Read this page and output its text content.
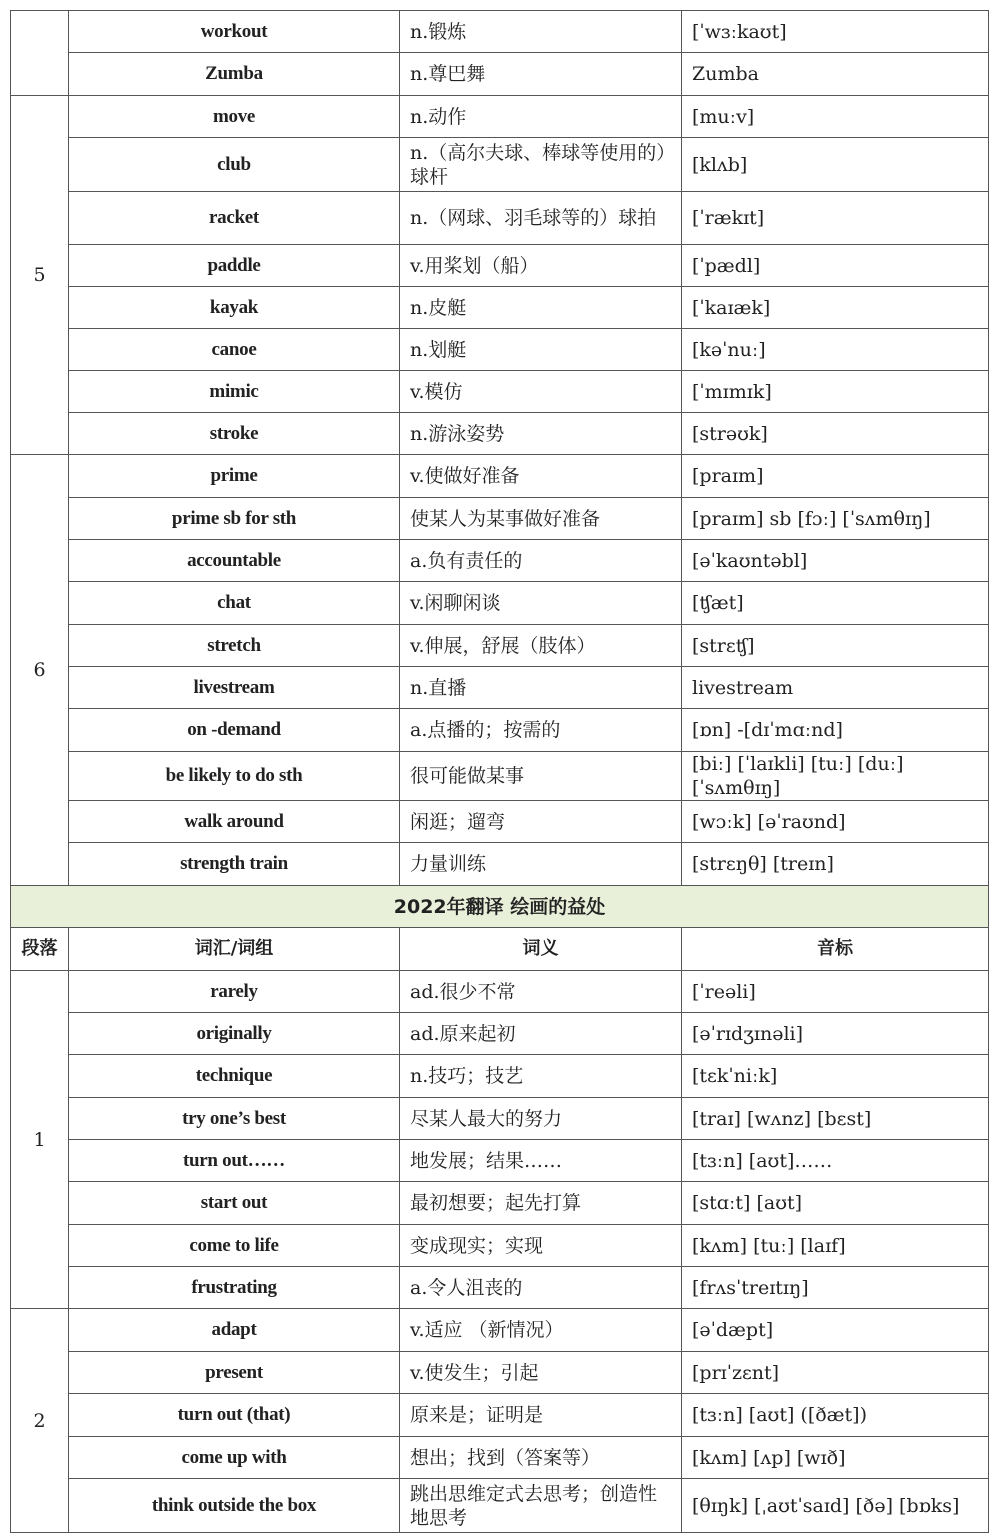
	workout	n.锻炼	[ˈwɜːkaʊt]
	Zumba	n.尊巴舞	Zumba
5	move	n.动作	[muːv]
	club	n.（高尔夫球、棒球等使用的）球杆	[klʌb]
	racket	n.（网球、羽毛球等的）球拍	[ˈrækɪt]
	paddle	v.用桨划（船）	[ˈpædl]
	kayak	n.皮艇	[ˈkaɪæk]
	canoe	n.划艇	[kəˈnuː]
	mimic	v.模仿	[ˈmɪmɪk]
	stroke	n.游泳姿势	[strəʊk]
6	prime	v.使做好准备	[praɪm]
	prime sb for sth	使某人为某事做好准备	[praɪm] sb [fɔː] [ˈsʌmθɪŋ]
	accountable	a.负有责任的	[əˈkaʊntəbl]
	chat	v.闲聊闲谈	[ʧæt]
	stretch	v.伸展，舒展（肢体）	[strɛʧ]
	livestream	n.直播	livestream
	on -demand	a.点播的；按需的	[ɒn] -[dɪˈmɑːnd]
	be likely to do sth	很可能做某事	[biː] [ˈlaɪkli] [tuː] [duː] [ˈsʌmθɪŋ]
	walk around	闲逛；遛弯	[wɔːk] [əˈraʊnd]
	strength train	力量训练	[strɛŋθ] [treɪn]
2022年翻译 绘画的益处			
段落	词汇/词组	词义	音标
1	rarely	ad.很少不常	[ˈreəli]
	originally	ad.原来起初	[əˈrɪdʒɪnəli]
	technique	n.技巧；技艺	[tɛkˈniːk]
	try one’s best	尽某人最大的努力	[traɪ] [wʌnz] [bɛst]
	turn out……	地发展；结果……	[tɜːn] [aʊt]……
	start out	最初想要；起先打算	[stɑːt] [aʊt]
	come to life	变成现实；实现	[kʌm] [tuː] [laɪf]
	frustrating	a.令人沮丧的	[frʌsˈtreɪtɪŋ]
2	adapt	v.适应 （新情况）	[əˈdæpt]
	present	v.使发生；引起	[prɪˈzɛnt]
	turn out (that)	原来是；证明是	[tɜːn] [aʊt] ([ðæt])
	come up with	想出；找到（答案等）	[kʌm] [ʌp] [wɪð]
	think outside the box	跳出思维定式去思考；创造性地思考	[θɪŋk] [ˌaʊtˈsaɪd] [ðə] [bɒks]
